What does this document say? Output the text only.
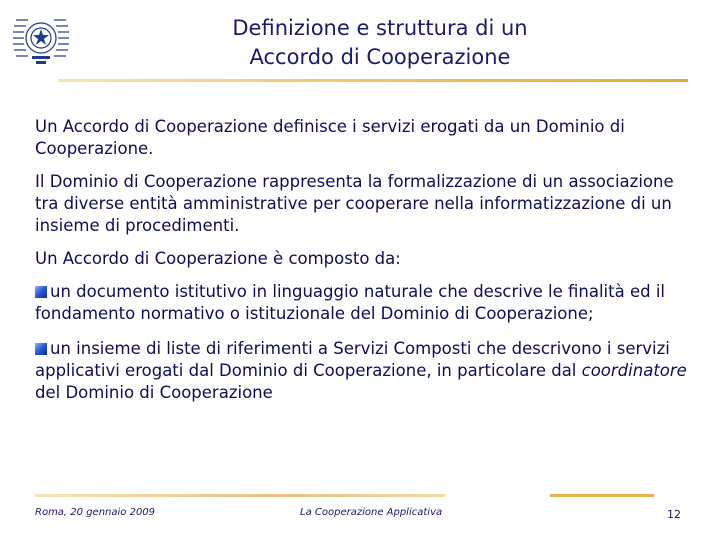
Definizione e struttura di un
Accordo di Cooperazione

Un Accordo di Cooperazione definisce i servizi erogati da un Dominio di Cooperazione.

Il Dominio di Cooperazione rappresenta la formalizzazione di un associazione tra diverse entità amministrative per cooperare nella informatizzazione di un insieme di procedimenti.

Un Accordo di Cooperazione è composto da:

un documento istitutivo in linguaggio naturale che descrive le finalità ed il fondamento normativo o istituzionale del Dominio di Cooperazione;

un insieme di liste di riferimenti a Servizi Composti che descrivono i servizi applicativi erogati dal Dominio di Cooperazione, in particolare dal coordinatore del Dominio di Cooperazione

Roma, 20 gennaio 2009	La Cooperazione Applicativa	12
